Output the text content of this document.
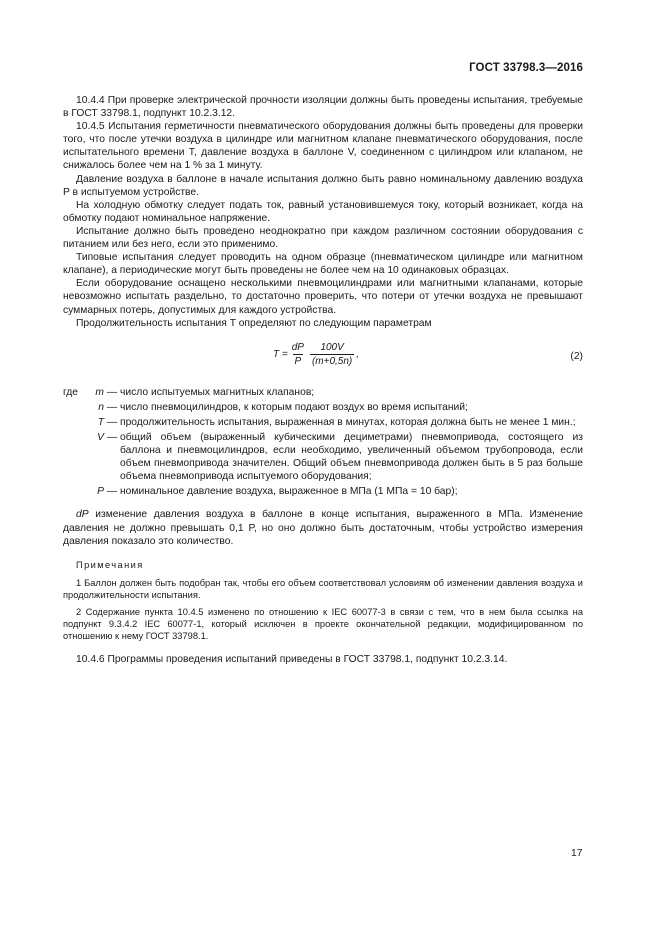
ГОСТ 33798.3—2016

10.4.4 При проверке электрической прочности изоляции должны быть проведены испытания, требуемые в ГОСТ 33798.1, подпункт 10.2.3.12.

10.4.5 Испытания герметичности пневматического оборудования должны быть проведены для проверки того, что после утечки воздуха в цилиндре или магнитном клапане пневматического оборудования, после испытательного времени T, давление воздуха в баллоне V, соединенном с цилиндром или клапаном, не снижалось более чем на 1 % за 1 минуту.

Давление воздуха в баллоне в начале испытания должно быть равно номинальному давлению воздуха P в испытуемом устройстве.

На холодную обмотку следует подать ток, равный установившемуся току, который возникает, когда на обмотку подают номинальное напряжение.

Испытание должно быть проведено неоднократно при каждом различном состоянии оборудования с питанием или без него, если это применимо.

Типовые испытания следует проводить на одном образце (пневматическом цилиндре или магнитном клапане), а периодические могут быть проведены не более чем на 10 одинаковых образцах.

Если оборудование оснащено несколькими пневмоцилиндрами или магнитными клапанами, которые невозможно испытать раздельно, то достаточно проверить, что потери от утечки воздуха не превышают суммарных потерь, допустимых для каждого устройства.

Продолжительность испытания T определяют по следующим параметрам

$T = \frac{dP}{P} \frac{100V}{(m+0,5n)}$ ,	(2)
где	m — число испытуемых магнитных клапанов;
n — число пневмоцилиндров, к которым подают воздух во время испытаний;
T — продолжительность испытания, выраженная в минутах, которая должна быть не менее 1 мин.;
V — общий объем (выраженный кубическими дециметрами) пневмопривода, состоящего из баллона и пневмоцилиндров, если необходимо, увеличенный объемом трубопровода, если объем пневмопривода значителен. Общий объем пневмопривода должен быть в 5 раз больше объема пневмопривода испытуемого оборудования;
P — номинальное давление воздуха, выраженное в МПа (1 МПа = 10 бар);

dP изменение давления воздуха в баллоне в конце испытания, выраженного в МПа. Изменение давления не должно превышать 0,1 P, но оно должно быть достаточным, чтобы устройство измерения давления показало это количество.

Примечания
1 Баллон должен быть подобран так, чтобы его объем соответствовал условиям об изменении давления воздуха и продолжительности испытания.
2 Содержание пункта 10.4.5 изменено по отношению к IEC 60077-3 в связи с тем, что в нем была ссылка на подпункт 9.3.4.2 IEC 60077-1, который исключен в проекте окончательной редакции, модифицированном по отношению к нему ГОСТ 33798.1.

10.4.6 Программы проведения испытаний приведены в ГОСТ 33798.1, подпункт 10.2.3.14.

17
